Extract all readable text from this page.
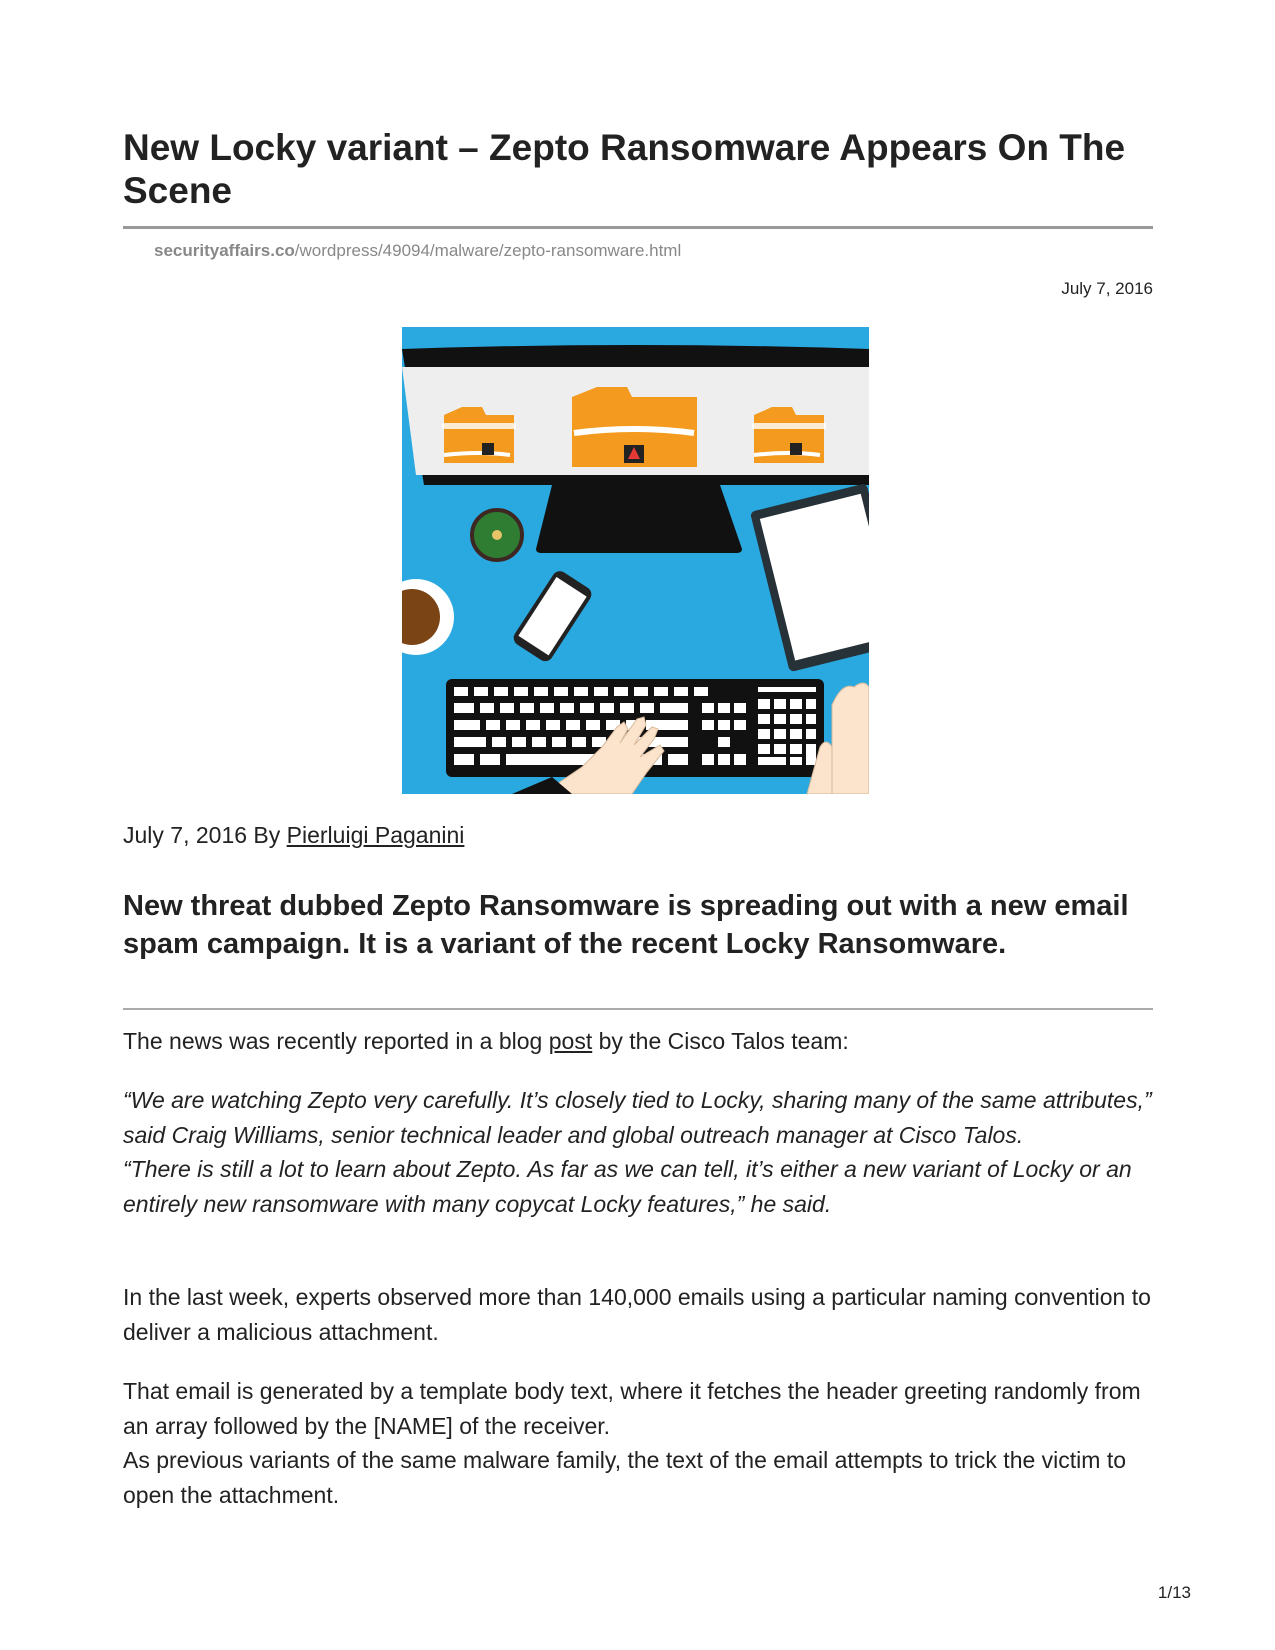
New Locky variant – Zepto Ransomware Appears On The Scene
securityaffairs.co/wordpress/49094/malware/zepto-ransomware.html
July 7, 2016
July 7, 2016 By Pierluigi Paganini
New threat dubbed Zepto Ransomware is spreading out with a new email spam campaign. It is a variant of the recent Locky Ransomware.

The news was recently reported in a blog post by the Cisco Talos team:

“We are watching Zepto very carefully. It’s closely tied to Locky, sharing many of the same attributes,” said Craig Williams, senior technical leader and global outreach manager at Cisco Talos.
“There is still a lot to learn about Zepto. As far as we can tell, it’s either a new variant of Locky or an entirely new ransomware with many copycat Locky features,” he said.

In the last week, experts observed more than 140,000 emails using a particular naming convention to deliver a malicious attachment.

That email is generated by a template body text, where it fetches the header greeting randomly from an array followed by the [NAME] of the receiver.
As previous variants of the same malware family, the text of the email attempts to trick the victim to open the attachment.

1/13
